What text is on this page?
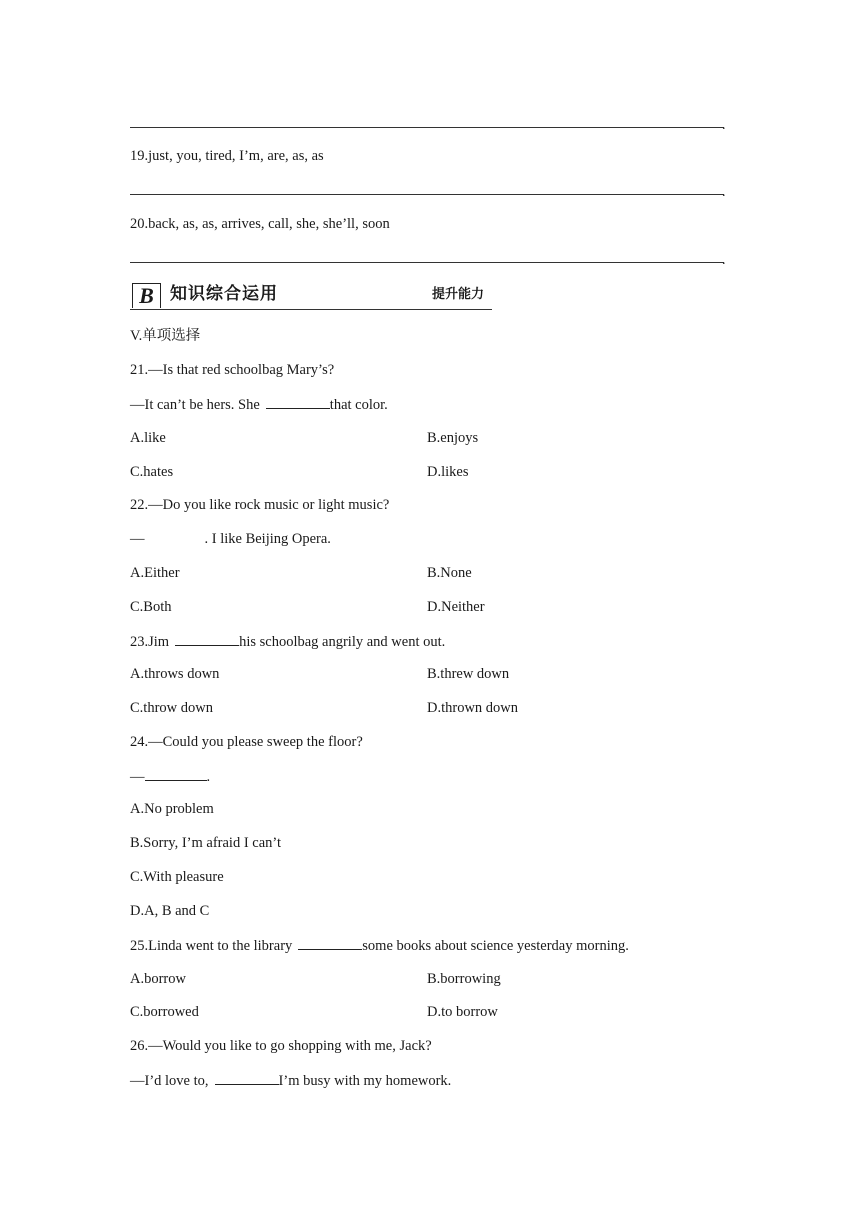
.
19.just, you, tired, I’m, are, as, as
.
20.back, as, as, arrives, call, she, she’ll, soon
.
B 知识综合运用	提升能力
V.单项选择
21.—Is that red schoolbag Mary’s?
—It can’t be hers. She	that color.
A.like	B.enjoys
C.hates	D.likes
22.—Do you like rock music or light music?
—	. I like Beijing Opera.
A.Either	B.None
C.Both	D.Neither
23.Jim	his schoolbag angrily and went out.
A.throws down	B.threw down
C.throw down	D.thrown down
24.—Could you please sweep the floor?
—	.
A.No problem
B.Sorry, I’m afraid I can’t
C.With pleasure
D.A, B and C
25.Linda went to the library	some books about science yesterday morning.
A.borrow	B.borrowing
C.borrowed	D.to borrow
26.—Would you like to go shopping with me, Jack?
—I’d love to,	I’m busy with my homework.
